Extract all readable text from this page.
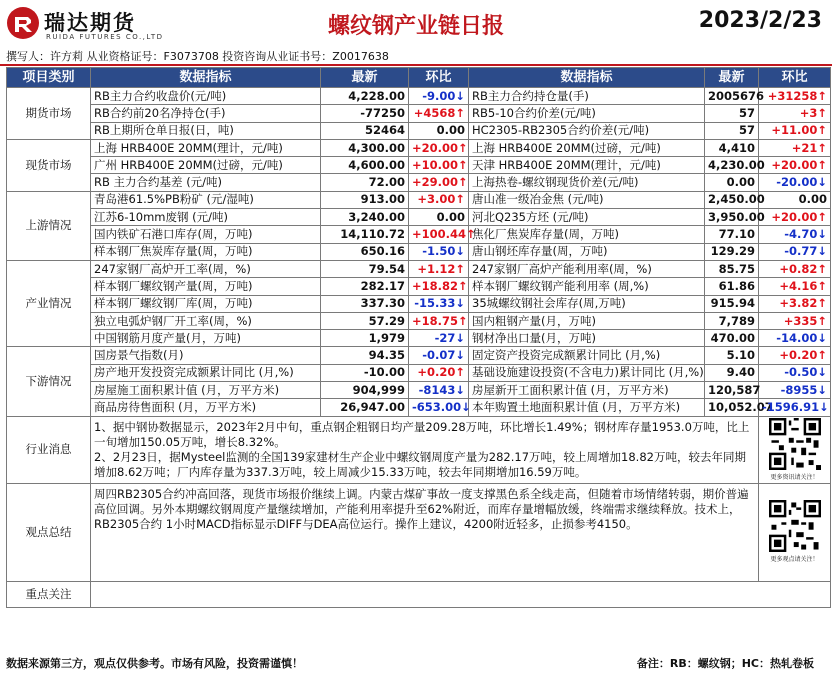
瑞达期货
RUIDA FUTURES CO.,LTD	螺纹钢产业链日报	2023/2/23
撰写人：许方莉 从业资格证号：F3073708 投资咨询从业证书号：Z0017638
项目类别	数据指标	最新	环比	数据指标	最新	环比
期货市场	RB主力合约收盘价(元/吨)	4,228.00	-9.00↓	RB主力合约持仓量(手)	2005676	+31258↑
	RB合约前20名净持仓(手)	-77250	+4568↑	RB5-10合约价差(元/吨)	57	+3↑
	RB上期所仓单日报(日，吨)	52464	0.00	HC2305-RB2305合约价差(元/吨)	57	+11.00↑
现货市场	上海 HRB400E 20MM(理计，元/吨)	4,300.00	+20.00↑	上海 HRB400E 20MM(过磅，元/吨)	4,410	+21↑
	广州 HRB400E 20MM(过磅，元/吨)	4,600.00	+10.00↑	天津 HRB400E 20MM(理计，元/吨)	4,230.00	+20.00↑
	RB 主力合约基差 (元/吨)	72.00	+29.00↑	上海热卷-螺纹钢现货价差(元/吨)	0.00	-20.00↓
上游情况	青岛港61.5%PB粉矿 (元/湿吨)	913.00	+3.00↑	唐山准一级冶金焦 (元/吨)	2,450.00	0.00
	江苏6-10mm废钢 (元/吨)	3,240.00	0.00	河北Q235方坯 (元/吨)	3,950.00	+20.00↑
	国内铁矿石港口库存(周，万吨)	14,110.72	+100.44↑	焦化厂焦炭库存量(周，万吨)	77.10	-4.70↓
	样本钢厂焦炭库存量(周，万吨)	650.16	-1.50↓	唐山钢坯库存量(周，万吨)	129.29	-0.77↓
产业情况	247家钢厂高炉开工率(周，%)	79.54	+1.12↑	247家钢厂高炉产能利用率(周，%)	85.75	+0.82↑
	样本钢厂螺纹钢产量(周，万吨)	282.17	+18.82↑	样本钢厂螺纹钢产能利用率 (周,%)	61.86	+4.16↑
	样本钢厂螺纹钢厂库(周，万吨)	337.30	-15.33↓	35城螺纹钢社会库存(周,万吨)	915.94	+3.82↑
	独立电弧炉钢厂开工率(周，%)	57.29	+18.75↑	国内粗钢产量(月，万吨)	7,789	+335↑
	中国钢筋月度产量(月，万吨)	1,979	-27↓	钢材净出口量(月，万吨)	470.00	-14.00↓
下游情况	国房景气指数(月)	94.35	-0.07↓	固定资产投资完成额累计同比 (月,%)	5.10	+0.20↑
	房产地开发投资完成额累计同比 (月,%)	-10.00	+0.20↑	基础设施建设投资(不含电力)累计同比 (月,%)	9.40	-0.50↓
	房屋施工面积累计值 (月，万平方米)	904,999	-8143↓	房屋新开工面积累计值 (月，万平方米)	120,587	-8955↓
	商品房待售面积 (月，万平方米)	26,947.00	-653.00↓	本年购置土地面积累计值 (月，万平方米)	10,052.07	-1596.91↓
行业消息	1、据中钢协数据显示，2023年2月中旬，重点钢企粗钢日均产量209.28万吨，环比增长1.49%；钢材库存量1953.0万吨，比上一旬增加150.05万吨，增长8.32%。
2、2月23日，据Mysteel监测的全国139家建材生产企业中螺纹钢周度产量为282.17万吨，较上周增加18.82万吨，较去年同期增加8.62万吨；厂内库存量为337.3万吨，较上周减少15.33万吨，较去年同期增加16.59万吨。					更多资讯请关注！

观点总结	周四RB2305合约冲高回落，现货市场报价继续上调。内蒙古煤矿事故一度支撑黑色系全线走高，但随着市场情绪转弱，期价普遍高位回调。另外本期螺纹钢周度产量继续增加，产能利用率提升至62%附近，而库存量增幅放缓，终端需求继续释放。技术上，RB2305合约 1小时MACD指标显示DIFF与DEA高位运行。操作上建议，4200附近轻多，止损参考4150。					更多观点请关注！

重点关注						
数据来源第三方，观点仅供参考。市场有风险，投资需谨慎！	备注：RB：螺纹钢；HC：热轧卷板
